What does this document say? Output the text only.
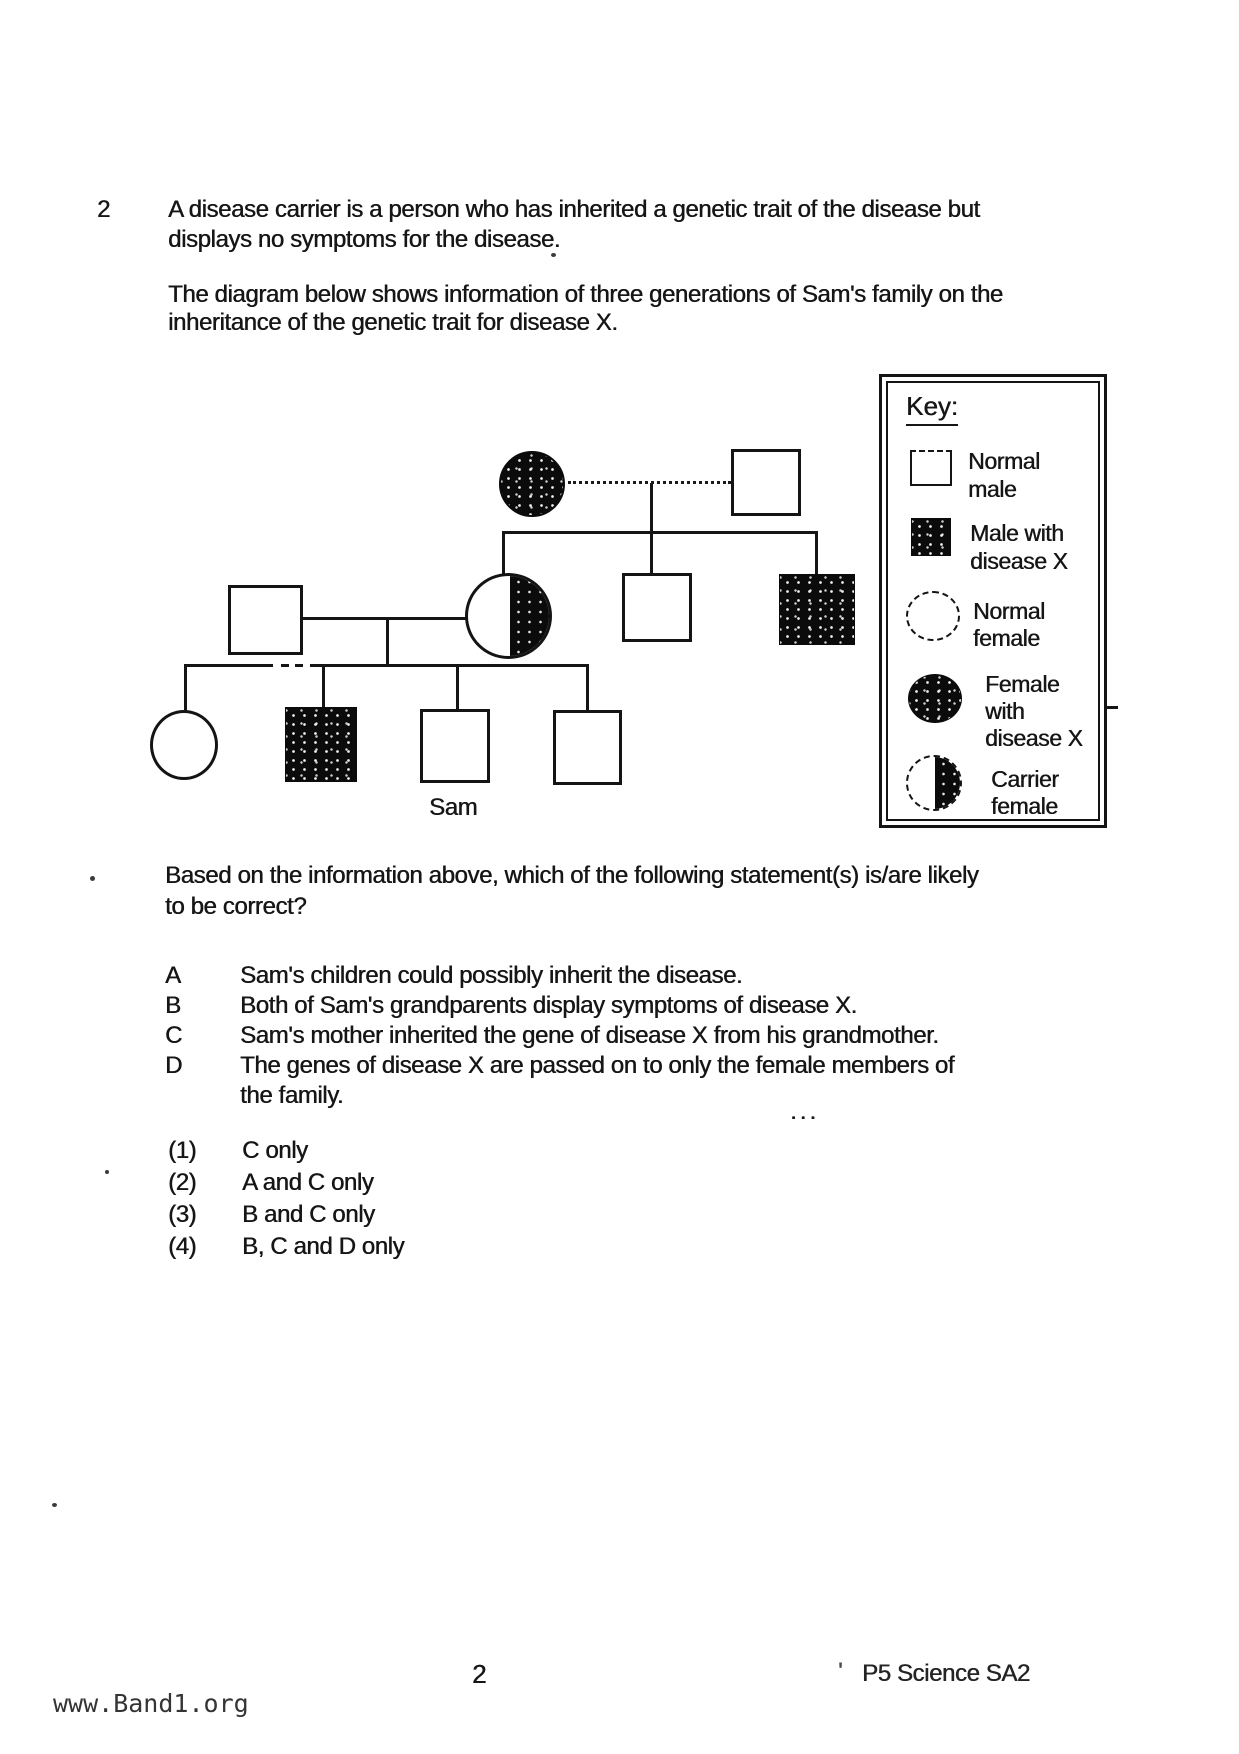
2 A disease carrier is a person who has inherited a genetic trait of the disease but
displays no symptoms for the disease.
The diagram below shows information of three generations of Sam's family on the
inheritance of the genetic trait for disease X.
Sam
Key:
Normal
male
Male with
disease X
Normal
female
Female
with
disease X
Carrier
female
Based on the information above, which of the following statement(s) is/are likely
to be correct?
A Sam's children could possibly inherit the disease.
B Both of Sam's grandparents display symptoms of disease X.
C Sam's mother inherited the gene of disease X from his grandmother.
D The genes of disease X are passed on to only the female members of
the family.
...
(1) C only
(2) A and C only
(3) B and C only
(4) B, C and D only
2	' P5 Science SA2
www.Band1.org
